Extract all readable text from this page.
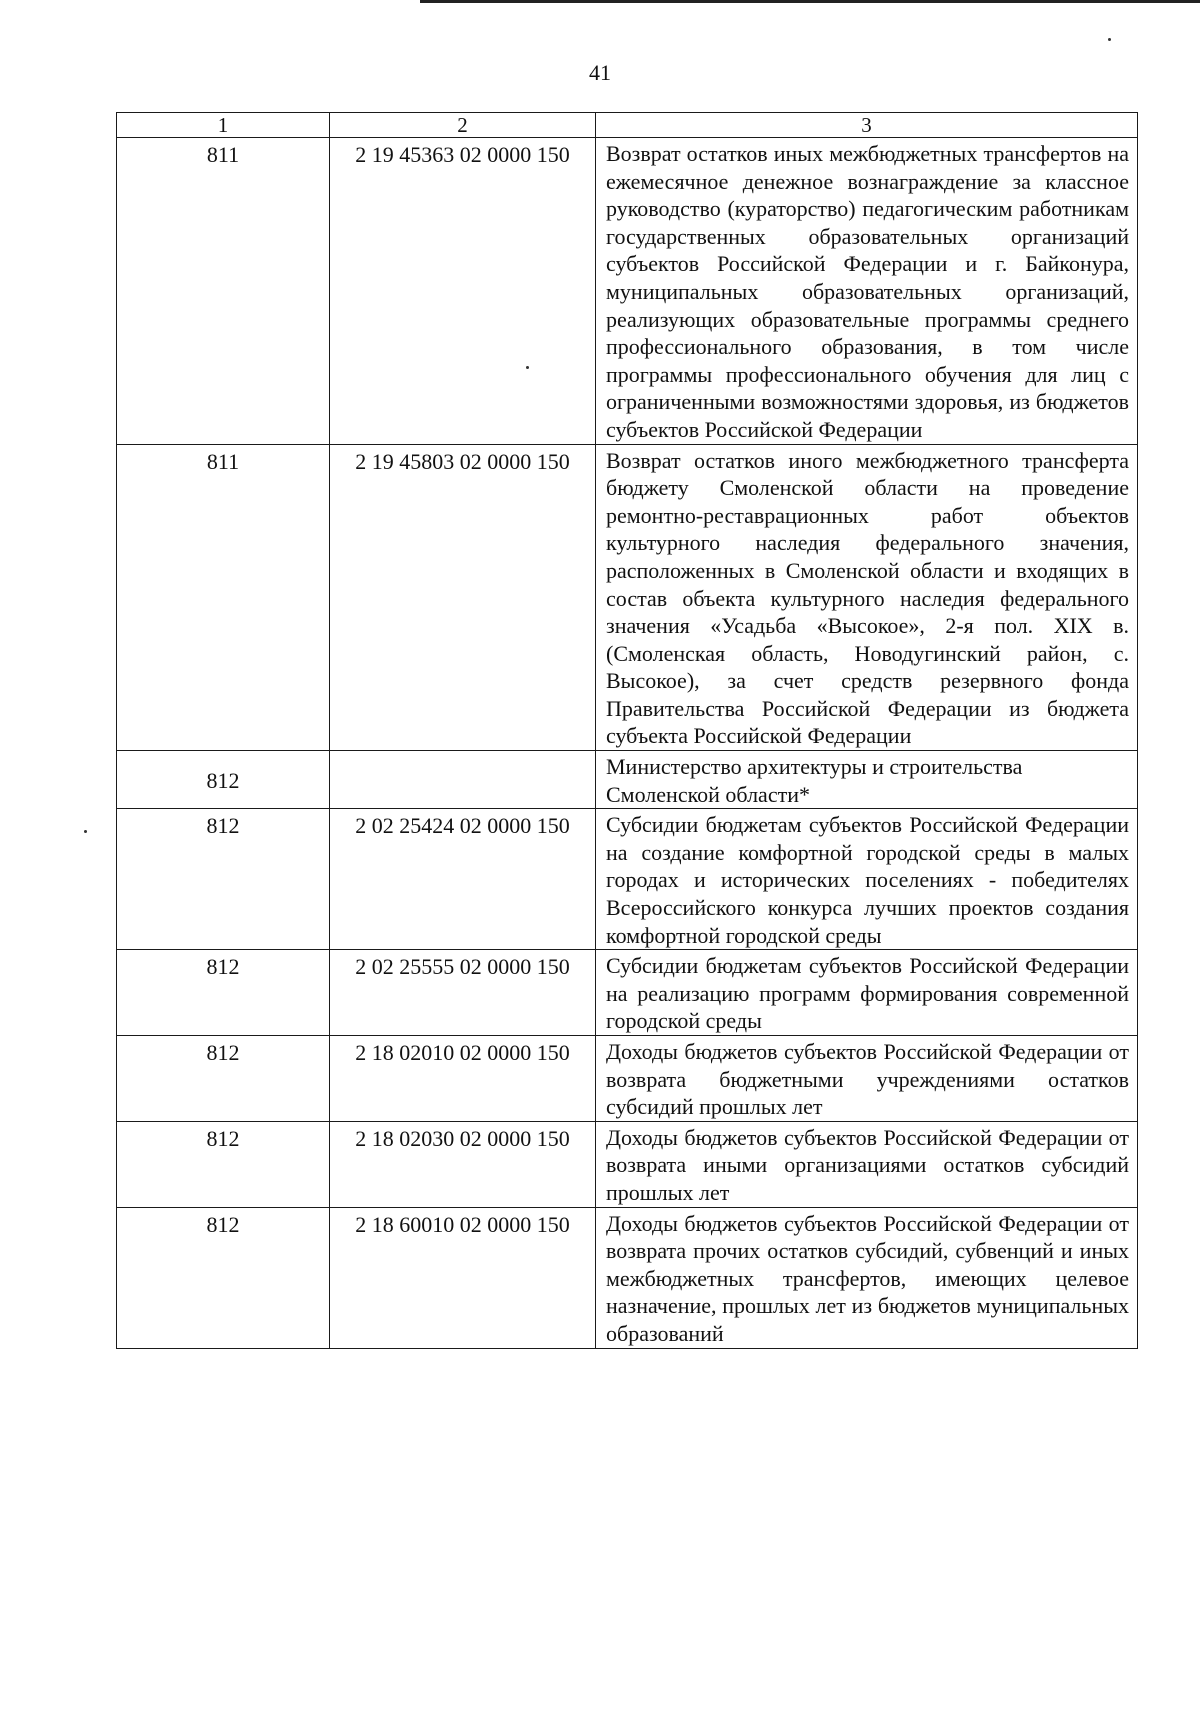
41
1	2	3
811	2 19 45363 02 0000 150	Возврат остатков иных межбюджетных трансфертов на ежемесячное денежное вознаграждение за классное руководство (кураторство) педагогическим работникам государственных образовательных организаций субъектов Российской Федерации и г. Байконура, муниципальных образовательных организаций, реализующих образовательные программы среднего профессионального образования, в том числе программы профессионального обучения для лиц с ограниченными возможностями здоровья, из бюджетов субъектов Российской Федерации
811	2 19 45803 02 0000 150	Возврат остатков иного межбюджетного трансферта бюджету Смоленской области на проведение ремонтно-реставрационных работ объектов культурного наследия федерального значения, расположенных в Смоленской области и входящих в состав объекта культурного наследия федерального значения «Усадьба «Высокое», 2-я пол. XIX в. (Смоленская область, Новодугинский район, с. Высокое), за счет средств резервного фонда Правительства Российской Федерации из бюджета субъекта Российской Федерации
812		Министерство архитектуры и строительства Смоленской области*
812	2 02 25424 02 0000 150	Субсидии бюджетам субъектов Российской Федерации на создание комфортной городской среды в малых городах и исторических поселениях - победителях Всероссийского конкурса лучших проектов создания комфортной городской среды
812	2 02 25555 02 0000 150	Субсидии бюджетам субъектов Российской Федерации на реализацию программ формирования современной городской среды
812	2 18 02010 02 0000 150	Доходы бюджетов субъектов Российской Федерации от возврата бюджетными учреждениями остатков субсидий прошлых лет
812	2 18 02030 02 0000 150	Доходы бюджетов субъектов Российской Федерации от возврата иными организациями остатков субсидий прошлых лет
812	2 18 60010 02 0000 150	Доходы бюджетов субъектов Российской Федерации от возврата прочих остатков субсидий, субвенций и иных межбюджетных трансфертов, имеющих целевое назначение, прошлых лет из бюджетов муниципальных образований
